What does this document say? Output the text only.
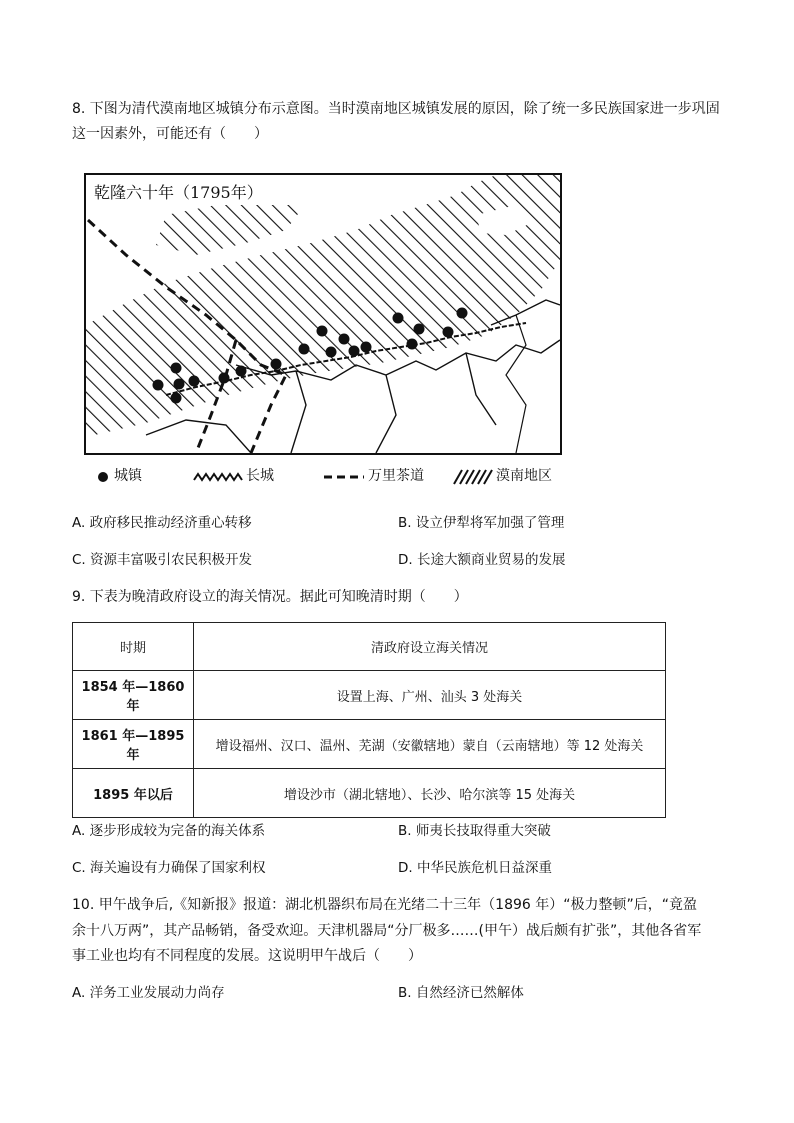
8. 下图为清代漠南地区城镇分布示意图。当时漠南地区城镇发展的原因，除了统一多民族国家进一步巩固
这一因素外，可能还有（　　）
乾隆六十年（1795年）
城镇	长城	万里茶道	漠南地区
A. 政府移民推动经济重心转移	B. 设立伊犁将军加强了管理
C. 资源丰富吸引农民积极开发	D. 长途大额商业贸易的发展
9. 下表为晚清政府设立的海关情况。据此可知晚清时期（　　）
时期	清政府设立海关情况
1854 年—1860 年	设置上海、广州、汕头 3 处海关
1861 年—1895 年	增设福州、汉口、温州、芜湖（安徽辖地）蒙自（云南辖地）等 12 处海关
1895 年以后	增设沙市（湖北辖地）、长沙、哈尔滨等 15 处海关
A. 逐步形成较为完备的海关体系	B. 师夷长技取得重大突破
C. 海关遍设有力确保了国家利权	D. 中华民族危机日益深重
10. 甲午战争后,《知新报》报道：湖北机器织布局在光绪二十三年（1896 年）“极力整顿”后，“竟盈
余十八万两”，其产品畅销，备受欢迎。天津机器局“分厂极多……(甲午）战后颇有扩张”，其他各省军
事工业也均有不同程度的发展。这说明甲午战后（　　）
A. 洋务工业发展动力尚存	B. 自然经济已然解体
